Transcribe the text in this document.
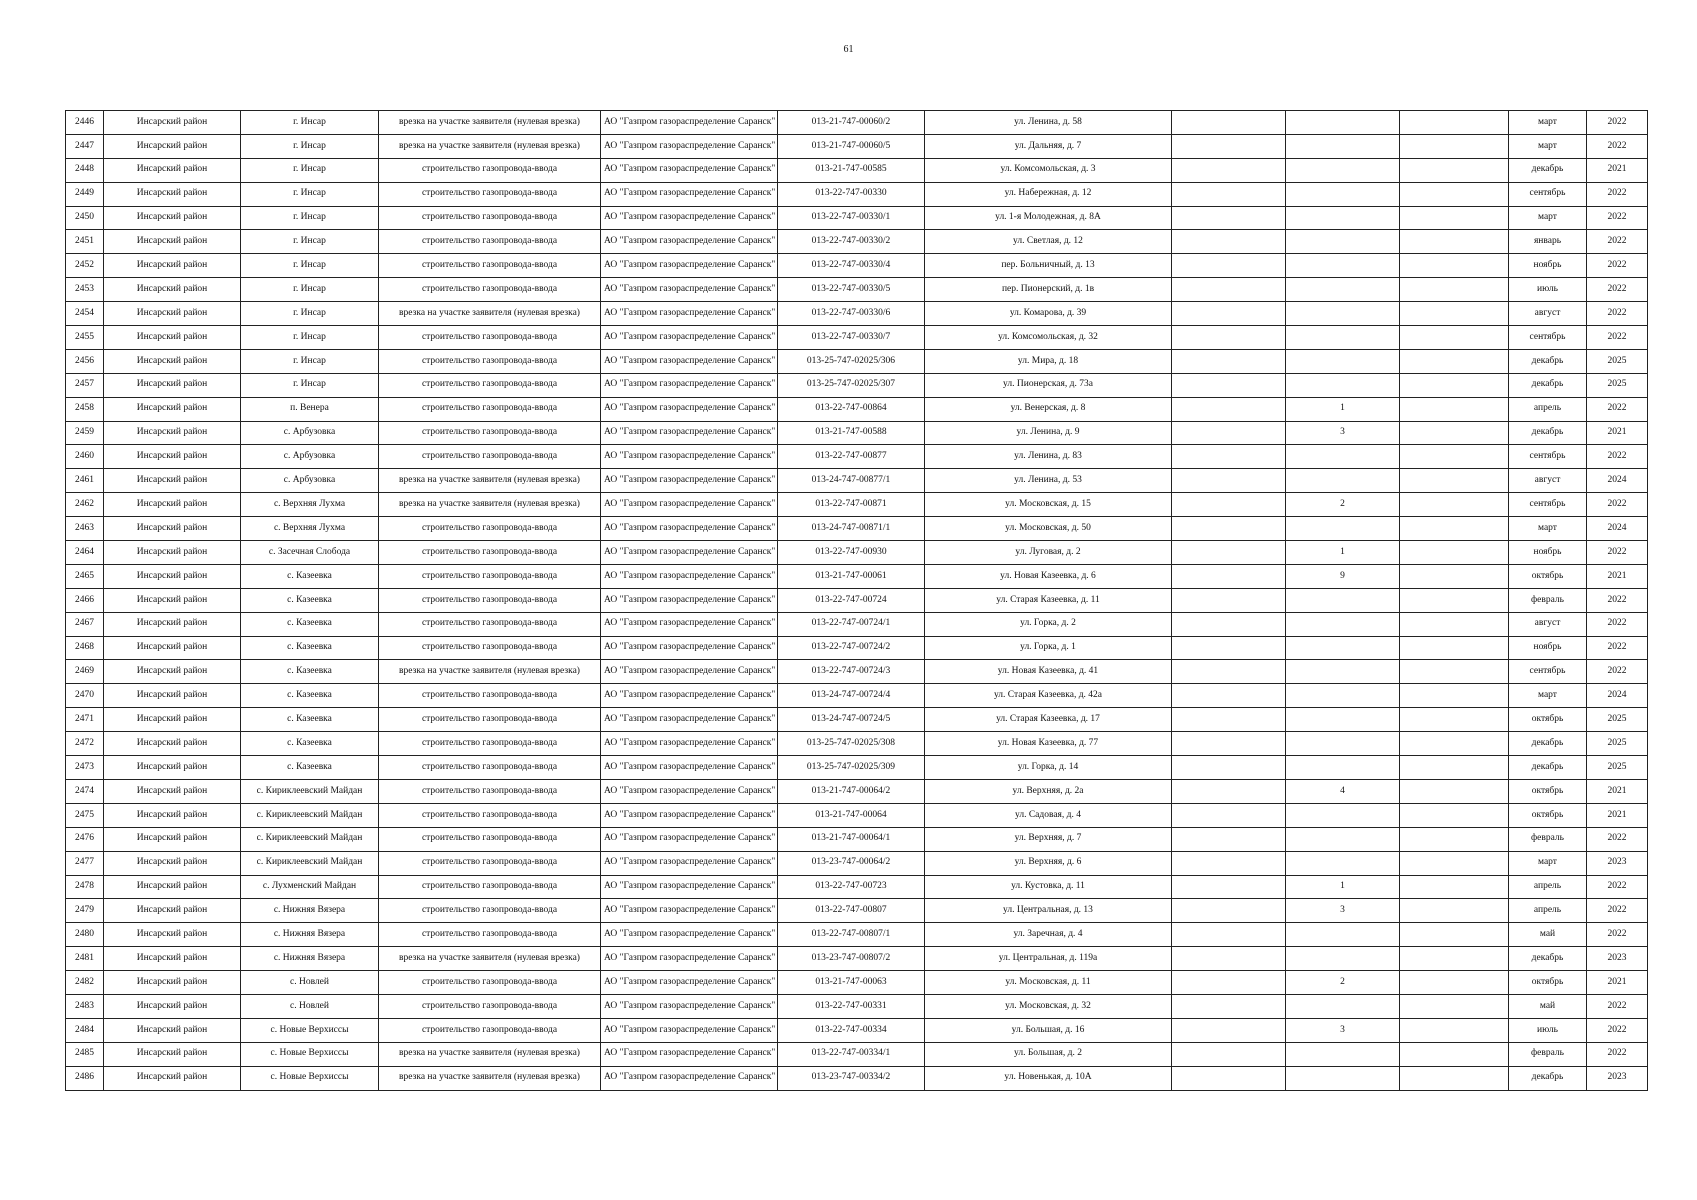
61
2446	Инсарский район	г. Инсар	врезка на участке заявителя (нулевая врезка)	АО "Газпром газораспределение Саранск"	013-21-747-00060/2	ул. Ленина, д. 58				март	2022
2447	Инсарский район	г. Инсар	врезка на участке заявителя (нулевая врезка)	АО "Газпром газораспределение Саранск"	013-21-747-00060/5	ул. Дальняя, д. 7				март	2022
2448	Инсарский район	г. Инсар	строительство газопровода-ввода	АО "Газпром газораспределение Саранск"	013-21-747-00585	ул. Комсомольская, д. 3				декабрь	2021
2449	Инсарский район	г. Инсар	строительство газопровода-ввода	АО "Газпром газораспределение Саранск"	013-22-747-00330	ул. Набережная, д. 12				сентябрь	2022
2450	Инсарский район	г. Инсар	строительство газопровода-ввода	АО "Газпром газораспределение Саранск"	013-22-747-00330/1	ул. 1-я Молодежная, д. 8А				март	2022
2451	Инсарский район	г. Инсар	строительство газопровода-ввода	АО "Газпром газораспределение Саранск"	013-22-747-00330/2	ул. Светлая, д. 12				январь	2022
2452	Инсарский район	г. Инсар	строительство газопровода-ввода	АО "Газпром газораспределение Саранск"	013-22-747-00330/4	пер. Больничный, д. 13				ноябрь	2022
2453	Инсарский район	г. Инсар	строительство газопровода-ввода	АО "Газпром газораспределение Саранск"	013-22-747-00330/5	пер. Пионерский, д. 1в				июль	2022
2454	Инсарский район	г. Инсар	врезка на участке заявителя (нулевая врезка)	АО "Газпром газораспределение Саранск"	013-22-747-00330/6	ул. Комарова, д. 39				август	2022
2455	Инсарский район	г. Инсар	строительство газопровода-ввода	АО "Газпром газораспределение Саранск"	013-22-747-00330/7	ул. Комсомольская, д. 32				сентябрь	2022
2456	Инсарский район	г. Инсар	строительство газопровода-ввода	АО "Газпром газораспределение Саранск"	013-25-747-02025/306	ул. Мира, д. 18				декабрь	2025
2457	Инсарский район	г. Инсар	строительство газопровода-ввода	АО "Газпром газораспределение Саранск"	013-25-747-02025/307	ул. Пионерская, д. 73а				декабрь	2025
2458	Инсарский район	п. Венера	строительство газопровода-ввода	АО "Газпром газораспределение Саранск"	013-22-747-00864	ул. Венерская, д. 8		1		апрель	2022
2459	Инсарский район	с. Арбузовка	строительство газопровода-ввода	АО "Газпром газораспределение Саранск"	013-21-747-00588	ул. Ленина, д. 9		3		декабрь	2021
2460	Инсарский район	с. Арбузовка	строительство газопровода-ввода	АО "Газпром газораспределение Саранск"	013-22-747-00877	ул. Ленина, д. 83				сентябрь	2022
2461	Инсарский район	с. Арбузовка	врезка на участке заявителя (нулевая врезка)	АО "Газпром газораспределение Саранск"	013-24-747-00877/1	ул. Ленина, д. 53				август	2024
2462	Инсарский район	с. Верхняя Лухма	врезка на участке заявителя (нулевая врезка)	АО "Газпром газораспределение Саранск"	013-22-747-00871	ул. Московская, д. 15		2		сентябрь	2022
2463	Инсарский район	с. Верхняя Лухма	строительство газопровода-ввода	АО "Газпром газораспределение Саранск"	013-24-747-00871/1	ул. Московская, д. 50				март	2024
2464	Инсарский район	с. Засечная Слобода	строительство газопровода-ввода	АО "Газпром газораспределение Саранск"	013-22-747-00930	ул. Луговая, д. 2		1		ноябрь	2022
2465	Инсарский район	с. Казеевка	строительство газопровода-ввода	АО "Газпром газораспределение Саранск"	013-21-747-00061	ул. Новая Казеевка, д. 6		9		октябрь	2021
2466	Инсарский район	с. Казеевка	строительство газопровода-ввода	АО "Газпром газораспределение Саранск"	013-22-747-00724	ул. Старая Казеевка, д. 11				февраль	2022
2467	Инсарский район	с. Казеевка	строительство газопровода-ввода	АО "Газпром газораспределение Саранск"	013-22-747-00724/1	ул. Горка, д. 2				август	2022
2468	Инсарский район	с. Казеевка	строительство газопровода-ввода	АО "Газпром газораспределение Саранск"	013-22-747-00724/2	ул. Горка, д. 1				ноябрь	2022
2469	Инсарский район	с. Казеевка	врезка на участке заявителя (нулевая врезка)	АО "Газпром газораспределение Саранск"	013-22-747-00724/3	ул. Новая Казеевка, д. 41				сентябрь	2022
2470	Инсарский район	с. Казеевка	строительство газопровода-ввода	АО "Газпром газораспределение Саранск"	013-24-747-00724/4	ул. Старая Казеевка, д. 42а				март	2024
2471	Инсарский район	с. Казеевка	строительство газопровода-ввода	АО "Газпром газораспределение Саранск"	013-24-747-00724/5	ул. Старая Казеевка, д. 17				октябрь	2025
2472	Инсарский район	с. Казеевка	строительство газопровода-ввода	АО "Газпром газораспределение Саранск"	013-25-747-02025/308	ул. Новая Казеевка, д. 77				декабрь	2025
2473	Инсарский район	с. Казеевка	строительство газопровода-ввода	АО "Газпром газораспределение Саранск"	013-25-747-02025/309	ул. Горка, д. 14				декабрь	2025
2474	Инсарский район	с. Кириклеевский Майдан	строительство газопровода-ввода	АО "Газпром газораспределение Саранск"	013-21-747-00064/2	ул. Верхняя, д. 2а		4		октябрь	2021
2475	Инсарский район	с. Кириклеевский Майдан	строительство газопровода-ввода	АО "Газпром газораспределение Саранск"	013-21-747-00064	ул. Садовая, д. 4				октябрь	2021
2476	Инсарский район	с. Кириклеевский Майдан	строительство газопровода-ввода	АО "Газпром газораспределение Саранск"	013-21-747-00064/1	ул. Верхняя, д. 7				февраль	2022
2477	Инсарский район	с. Кириклеевский Майдан	строительство газопровода-ввода	АО "Газпром газораспределение Саранск"	013-23-747-00064/2	ул. Верхняя, д. 6				март	2023
2478	Инсарский район	с. Лухменский Майдан	строительство газопровода-ввода	АО "Газпром газораспределение Саранск"	013-22-747-00723	ул. Кустовка, д. 11		1		апрель	2022
2479	Инсарский район	с. Нижняя Вязера	строительство газопровода-ввода	АО "Газпром газораспределение Саранск"	013-22-747-00807	ул. Центральная, д. 13		3		апрель	2022
2480	Инсарский район	с. Нижняя Вязера	строительство газопровода-ввода	АО "Газпром газораспределение Саранск"	013-22-747-00807/1	ул. Заречная, д. 4				май	2022
2481	Инсарский район	с. Нижняя Вязера	врезка на участке заявителя (нулевая врезка)	АО "Газпром газораспределение Саранск"	013-23-747-00807/2	ул. Центральная, д. 119а				декабрь	2023
2482	Инсарский район	с. Новлей	строительство газопровода-ввода	АО "Газпром газораспределение Саранск"	013-21-747-00063	ул. Московская, д. 11		2		октябрь	2021
2483	Инсарский район	с. Новлей	строительство газопровода-ввода	АО "Газпром газораспределение Саранск"	013-22-747-00331	ул. Московская, д. 32				май	2022
2484	Инсарский район	с. Новые Верхиссы	строительство газопровода-ввода	АО "Газпром газораспределение Саранск"	013-22-747-00334	ул. Большая, д. 16		3		июль	2022
2485	Инсарский район	с. Новые Верхиссы	врезка на участке заявителя (нулевая врезка)	АО "Газпром газораспределение Саранск"	013-22-747-00334/1	ул. Большая, д. 2				февраль	2022
2486	Инсарский район	с. Новые Верхиссы	врезка на участке заявителя (нулевая врезка)	АО "Газпром газораспределение Саранск"	013-23-747-00334/2	ул. Новенькая, д. 10А				декабрь	2023
